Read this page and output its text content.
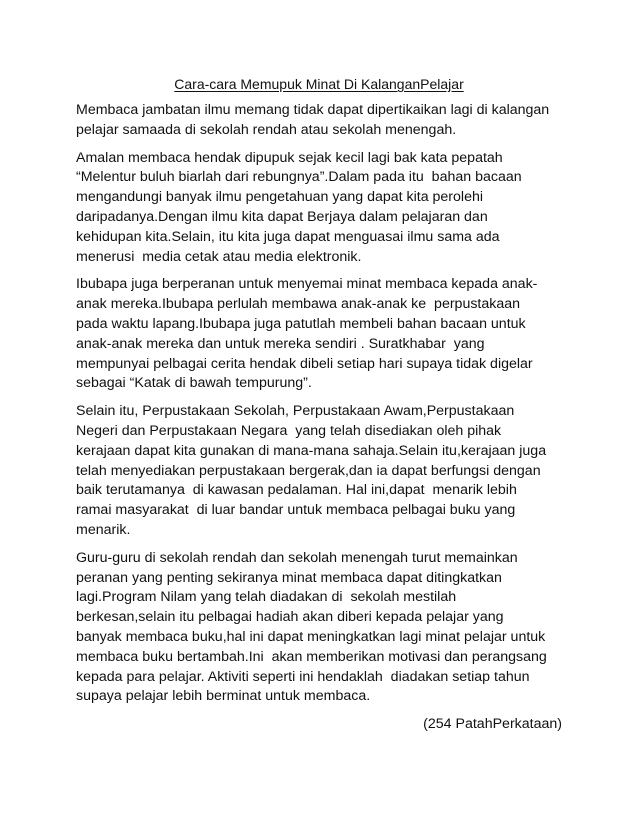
Cara-cara Memupuk Minat Di KalanganPelajar
Membaca jambatan ilmu memang tidak dapat dipertikaikan lagi di kalangan
pelajar samaada di sekolah rendah atau sekolah menengah.
Amalan membaca hendak dipupuk sejak kecil lagi bak kata pepatah
“Melentur buluh biarlah dari rebungnya”.Dalam pada itu  bahan bacaan
mengandungi banyak ilmu pengetahuan yang dapat kita perolehi
daripadanya.Dengan ilmu kita dapat Berjaya dalam pelajaran dan
kehidupan kita.Selain, itu kita juga dapat menguasai ilmu sama ada
menerusi  media cetak atau media elektronik.
Ibubapa juga berperanan untuk menyemai minat membaca kepada anak-
anak mereka.Ibubapa perlulah membawa anak-anak ke  perpustakaan
pada waktu lapang.Ibubapa juga patutlah membeli bahan bacaan untuk
anak-anak mereka dan untuk mereka sendiri . Suratkhabar  yang
mempunyai pelbagai cerita hendak dibeli setiap hari supaya tidak digelar
sebagai “Katak di bawah tempurung”.
Selain itu, Perpustakaan Sekolah, Perpustakaan Awam,Perpustakaan
Negeri dan Perpustakaan Negara  yang telah disediakan oleh pihak
kerajaan dapat kita gunakan di mana-mana sahaja.Selain itu,kerajaan juga
telah menyediakan perpustakaan bergerak,dan ia dapat berfungsi dengan
baik terutamanya  di kawasan pedalaman. Hal ini,dapat  menarik lebih
ramai masyarakat  di luar bandar untuk membaca pelbagai buku yang
menarik.
Guru-guru di sekolah rendah dan sekolah menengah turut memainkan
peranan yang penting sekiranya minat membaca dapat ditingkatkan
lagi.Program Nilam yang telah diadakan di  sekolah mestilah
berkesan,selain itu pelbagai hadiah akan diberi kepada pelajar yang
banyak membaca buku,hal ini dapat meningkatkan lagi minat pelajar untuk
membaca buku bertambah.Ini  akan memberikan motivasi dan perangsang
kepada para pelajar. Aktiviti seperti ini hendaklah  diadakan setiap tahun
supaya pelajar lebih berminat untuk membaca.
(254 PatahPerkataan)
